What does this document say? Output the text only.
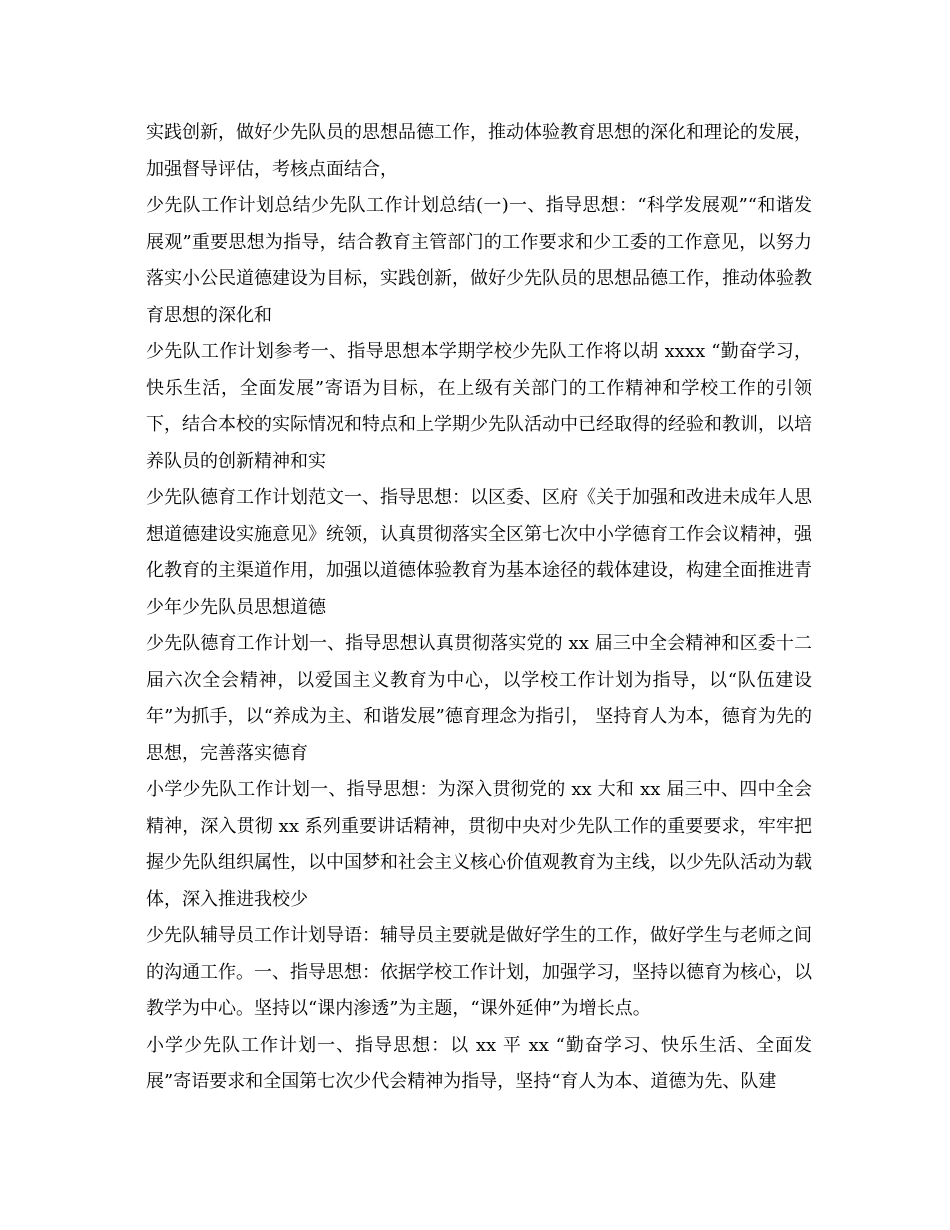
实践创新，做好少先队员的思想品德工作，推动体验教育思想的深化和理论的发展，加强督导评估，考核点面结合，

少先队工作计划总结少先队工作计划总结(一)一、指导思想：“科学发展观”“和谐发展观”重要思想为指导，结合教育主管部门的工作要求和少工委的工作意见，以努力落实小公民道德建设为目标，实践创新，做好少先队员的思想品德工作，推动体验教育思想的深化和

少先队工作计划参考一、指导思想本学期学校少先队工作将以胡 xxxx “勤奋学习，快乐生活，全面发展”寄语为目标，在上级有关部门的工作精神和学校工作的引领下，结合本校的实际情况和特点和上学期少先队活动中已经取得的经验和教训，以培养队员的创新精神和实

少先队德育工作计划范文一、指导思想：以区委、区府《关于加强和改进未成年人思想道德建设实施意见》统领，认真贯彻落实全区第七次中小学德育工作会议精神，强化教育的主渠道作用，加强以道德体验教育为基本途径的载体建设，构建全面推进青少年少先队员思想道德

少先队德育工作计划一、指导思想认真贯彻落实党的 xx 届三中全会精神和区委十二届六次全会精神，以爱国主义教育为中心，以学校工作计划为指导，以“队伍建设年”为抓手，以“养成为主、和谐发展”德育理念为指引， 坚持育人为本，德育为先的思想，完善落实德育

小学少先队工作计划一、指导思想：为深入贯彻党的 xx 大和 xx 届三中、四中全会精神，深入贯彻 xx 系列重要讲话精神，贯彻中央对少先队工作的重要要求，牢牢把握少先队组织属性，以中国梦和社会主义核心价值观教育为主线，以少先队活动为载体，深入推进我校少

少先队辅导员工作计划导语：辅导员主要就是做好学生的工作，做好学生与老师之间的沟通工作。一、指导思想：依据学校工作计划，加强学习，坚持以德育为核心，以教学为中心。坚持以“课内渗透”为主题，“课外延伸”为增长点。

小学少先队工作计划一、指导思想：以 xx 平 xx “勤奋学习、快乐生活、全面发展”寄语要求和全国第七次少代会精神为指导，坚持“育人为本、道德为先、队建
